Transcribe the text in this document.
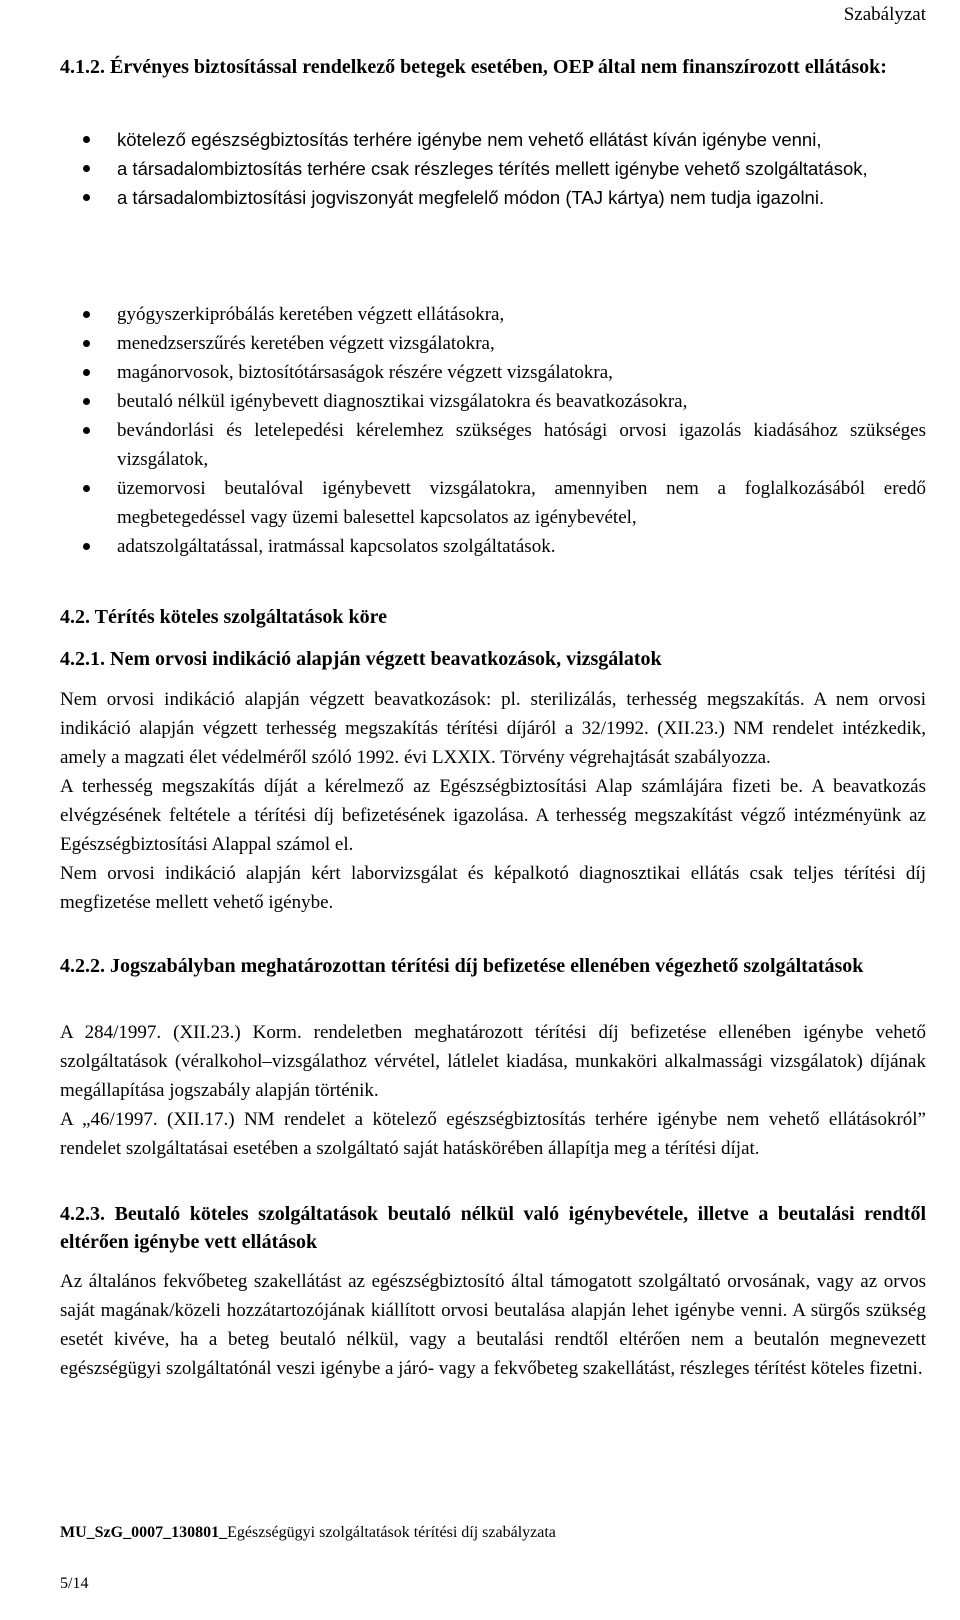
Szabályzat
4.1.2. Érvényes biztosítással rendelkező betegek esetében, OEP által nem finanszírozott ellátások:
kötelező egészségbiztosítás terhére igénybe nem vehető ellátást kíván igénybe venni,
a társadalombiztosítás terhére csak részleges térítés mellett igénybe vehető szolgáltatások,
a társadalombiztosítási jogviszonyát megfelelő módon (TAJ kártya) nem tudja igazolni.
gyógyszerkipróbálás keretében végzett ellátásokra,
menedzserszűrés keretében végzett vizsgálatokra,
magánorvosok, biztosítótársaságok részére végzett vizsgálatokra,
beutaló nélkül igénybevett diagnosztikai vizsgálatokra és beavatkozásokra,
bevándorlási és letelepedési kérelemhez szükséges hatósági orvosi igazolás kiadásához szükséges vizsgálatok,
üzemorvosi beutalóval igénybevett vizsgálatokra, amennyiben nem a foglalkozásából eredő megbetegedéssel vagy üzemi balesettel kapcsolatos az igénybevétel,
adatszolgáltatással, iratmással kapcsolatos szolgáltatások.
4.2. Térítés köteles szolgáltatások köre
4.2.1. Nem orvosi indikáció alapján végzett beavatkozások, vizsgálatok

Nem orvosi indikáció alapján végzett beavatkozások: pl. sterilizálás, terhesség megszakítás. A nem orvosi indikáció alapján végzett terhesség megszakítás térítési díjáról a 32/1992. (XII.23.) NM rendelet intézkedik, amely a magzati élet védelméről szóló 1992. évi LXXIX. Törvény végrehajtását szabályozza.

A terhesség megszakítás díját a kérelmező az Egészségbiztosítási Alap számlájára fizeti be. A beavatkozás elvégzésének feltétele a térítési díj befizetésének igazolása. A terhesség megszakítást végző intézményünk az Egészségbiztosítási Alappal számol el.

Nem orvosi indikáció alapján kért laborvizsgálat és képalkotó diagnosztikai ellátás csak teljes térítési díj megfizetése mellett vehető igénybe.

4.2.2. Jogszabályban meghatározottan térítési díj befizetése ellenében végezhető szolgáltatások

A 284/1997. (XII.23.) Korm. rendeletben meghatározott térítési díj befizetése ellenében igénybe vehető szolgáltatások (véralkohol–vizsgálathoz vérvétel, látlelet kiadása, munkaköri alkalmassági vizsgálatok) díjának megállapítása jogszabály alapján történik.

A „46/1997. (XII.17.) NM rendelet a kötelező egészségbiztosítás terhére igénybe nem vehető ellátásokról” rendelet szolgáltatásai esetében a szolgáltató saját hatáskörében állapítja meg a térítési díjat.

4.2.3. Beutaló köteles szolgáltatások beutaló nélkül való igénybevétele, illetve a beutalási rendtől eltérően igénybe vett ellátások

Az általános fekvőbeteg szakellátást az egészségbiztosító által támogatott szolgáltató orvosának, vagy az orvos saját magának/közeli hozzátartozójának kiállított orvosi beutalása alapján lehet igénybe venni. A sürgős szükség esetét kivéve, ha a beteg beutaló nélkül, vagy a beutalási rendtől eltérően nem a beutalón megnevezett egészségügyi szolgáltatónál veszi igénybe a járó- vagy a fekvőbeteg szakellátást, részleges térítést köteles fizetni.

MU_SzG_0007_130801_Egészségügyi szolgáltatások térítési díj szabályzata
5/14
